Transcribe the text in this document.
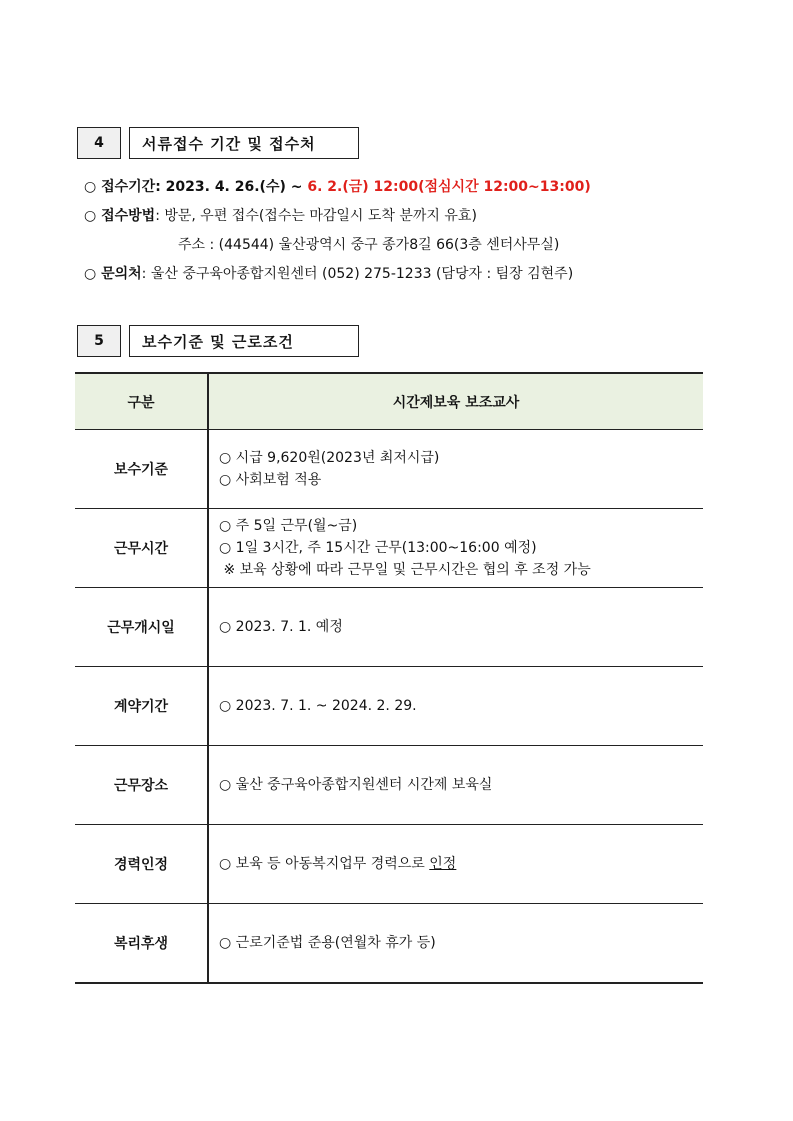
4	서류접수 기간 및 접수처
○ 접수기간: 2023. 4. 26.(수) ~ 6. 2.(금) 12:00(점심시간 12:00~13:00)
○ 접수방법: 방문, 우편 접수(접수는 마감일시 도착 분까지 유효)
주소 : (44544) 울산광역시 중구 종가8길 66(3층 센터사무실)
○ 문의처: 울산 중구육아종합지원센터 (052) 275-1233 (담당자 : 팀장 김현주)
5	보수기준 및 근로조건
구분	시간제보육 보조교사
보수기준	○ 시급 9,620원(2023년 최저시급)
○ 사회보험 적용

근무시간	○ 주 5일 근무(월~금)
○ 1일 3시간, 주 15시간 근무(13:00~16:00 예정)
※ 보육 상황에 따라 근무일 및 근무시간은 협의 후 조정 가능

근무개시일	○ 2023. 7. 1. 예정

계약기간	○ 2023. 7. 1. ~ 2024. 2. 29.

근무장소	○ 울산 중구육아종합지원센터 시간제 보육실

경력인정	○ 보육 등 아동복지업무 경력으로 인정
복리후생	○ 근로기준법 준용(연월차 휴가 등)
